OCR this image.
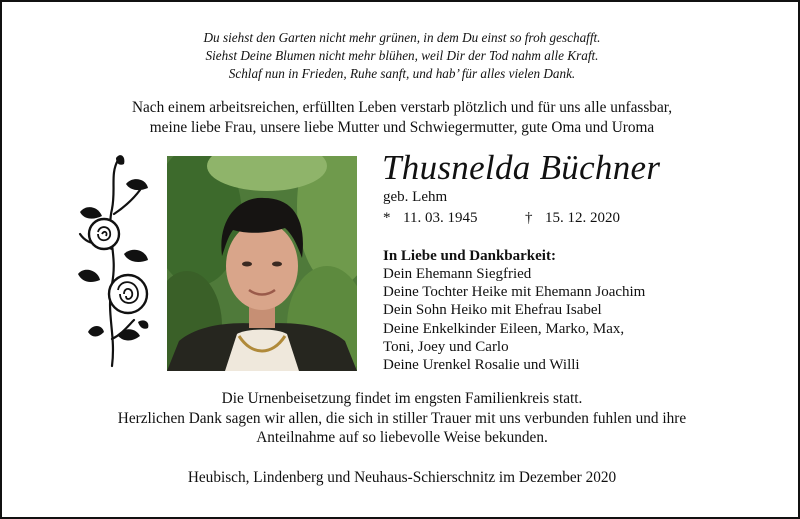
Du siehst den Garten nicht mehr grünen, in dem Du einst so froh geschafft.
Siehst Deine Blumen nicht mehr blühen, weil Dir der Tod nahm alle Kraft.
Schlaf nun in Frieden, Ruhe sanft, und hab’ für alles vielen Dank.
Nach einem arbeitsreichen, erfüllten Leben verstarb plötzlich und für uns alle unfassbar,
meine liebe Frau, unsere liebe Mutter und Schwiegermutter, gute Oma und Uroma
Thusnelda Büchner
geb. Lehm
* 11. 03. 1945	† 15. 12. 2020
In Liebe und Dankbarkeit:
Dein Ehemann Siegfried
Deine Tochter Heike mit Ehemann Joachim
Dein Sohn Heiko mit Ehefrau Isabel
Deine Enkelkinder Eileen, Marko, Max,
Toni, Joey und Carlo
Deine Urenkel Rosalie und Willi
Die Urnenbeisetzung findet im engsten Familienkreis statt.
Herzlichen Dank sagen wir allen, die sich in stiller Trauer mit uns verbunden fuhlen und ihre
Anteilnahme auf so liebevolle Weise bekunden.
Heubisch, Lindenberg und Neuhaus-Schierschnitz im Dezember 2020
